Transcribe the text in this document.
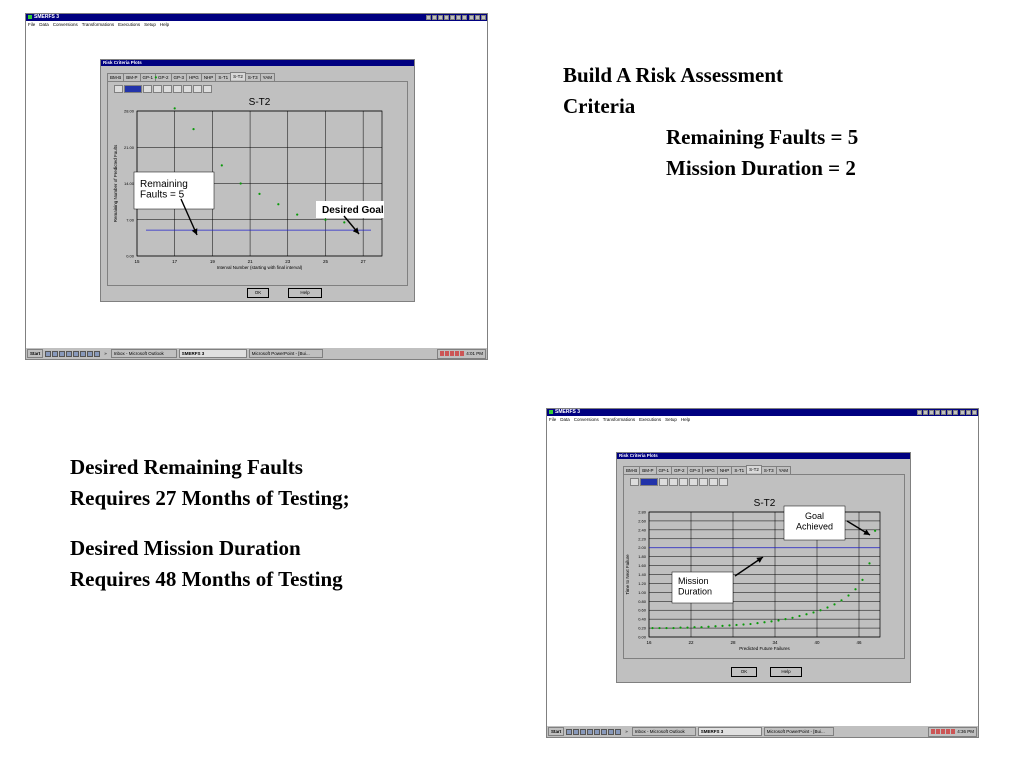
SMERFS 3
File Data Conversions Transformations Executions Setup Help
Risk Criteria Plots
BM-B	BM-P	GP-1	GP-2	GP-3	HPG	NHP	S-T1	S-T2	S-T3	YAM
OK	Help
15	17	19	21	23	25	27
0.00
7.00
14.00
21.00
28.00
S-T2
Interval Number (starting with final interval)
Remaining Number of Predicted Faults Remaining
Faults = 5
Desired Goal
Start	»	Inbox - Microsoft Outlook	SMERFS 3	Microsoft PowerPoint - [Bui...	4:01 PM
SMERFS 3
File Data Conversions Transformations Executions Setup Help
Risk Criteria Plots
BM-B	BM-P	GP-1	GP-2	GP-3	HPG	NHP	S-T1	S-T2	S-T3	YAM
OK	Help
16	22	28	34	40	46
0.00
0.20
0.40
0.60
0.80
1.00
1.20
1.40
1.60
1.80
2.00
2.20
2.40
2.60
2.80
S-T2
Predicted Future Failures
Time to Next Failure
Goal
Achieved
Mission
Duration
Start	»	Inbox - Microsoft Outlook	SMERFS 3	Microsoft PowerPoint - [Bui...	4:36 PM
Build A Risk Assessment
Criteria
Remaining Faults = 5
Mission Duration = 2
Desired Remaining Faults
Requires 27 Months of Testing;
Desired Mission Duration
Requires 48 Months of Testing
